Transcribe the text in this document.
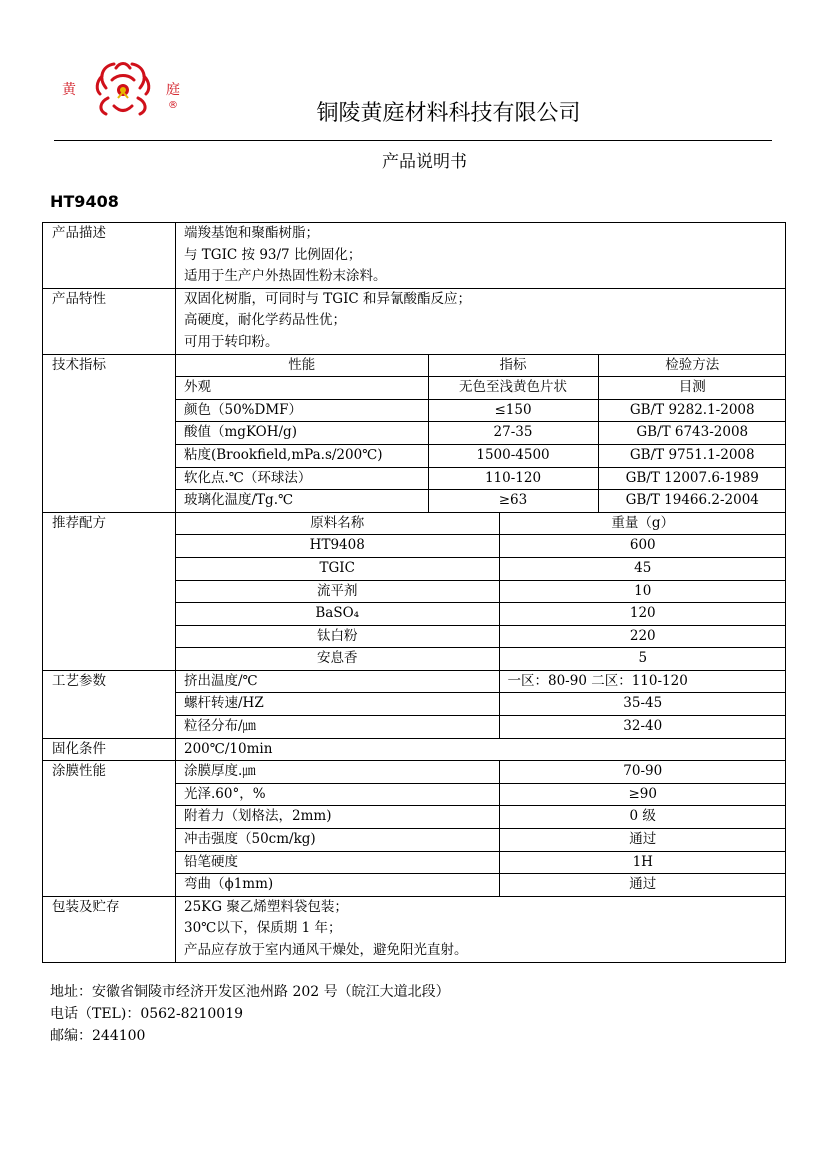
黄	庭
®	铜陵黄庭材料科技有限公司
产品说明书
HT9408
产品描述	端羧基饱和聚酯树脂；
与 TGIC 按 93/7 比例固化；
适用于生产户外热固性粉末涂料。

产品特性	双固化树脂，可同时与 TGIC 和异氰酸酯反应；
高硬度，耐化学药品性优；
可用于转印粉。

技术指标		性能	指标	检验方法
外观	无色至浅黄色片状	目测
颜色（50%DMF）	≤150	GB/T 9282.1-2008
酸值（mgKOH/g)	27-35	GB/T 6743-2008
粘度(Brookfield,mPa.s/200℃)	1500-4500	GB/T 9751.1-2008
软化点.℃（环球法）	110-120	GB/T 12007.6-1989
玻璃化温度/Tg.℃	≥63	GB/T 19466.2-2004

推荐配方		原料名称	重量（g）
HT9408	600
TGIC	45
流平剂	10
BaSO₄	120
钛白粉	220
安息香	5

工艺参数		挤出温度/℃	一区：80-90 二区：110-120
螺杆转速/HZ	35-45
粒径分布/㎛	32-40

固化条件	200℃/10min
涂膜性能		涂膜厚度.㎛	70-90
光泽.60°，%	≥90
附着力（划格法，2mm)	0 级
冲击强度（50cm/kg)	通过
铅笔硬度	1H
弯曲（ϕ1mm)	通过

包装及贮存	25KG 聚乙烯塑料袋包装；
30℃以下，保质期 1 年；
产品应存放于室内通风干燥处，避免阳光直射。
地址：安徽省铜陵市经济开发区池州路 202 号（皖江大道北段）
电话（TEL)：0562-8210019
邮编：244100
